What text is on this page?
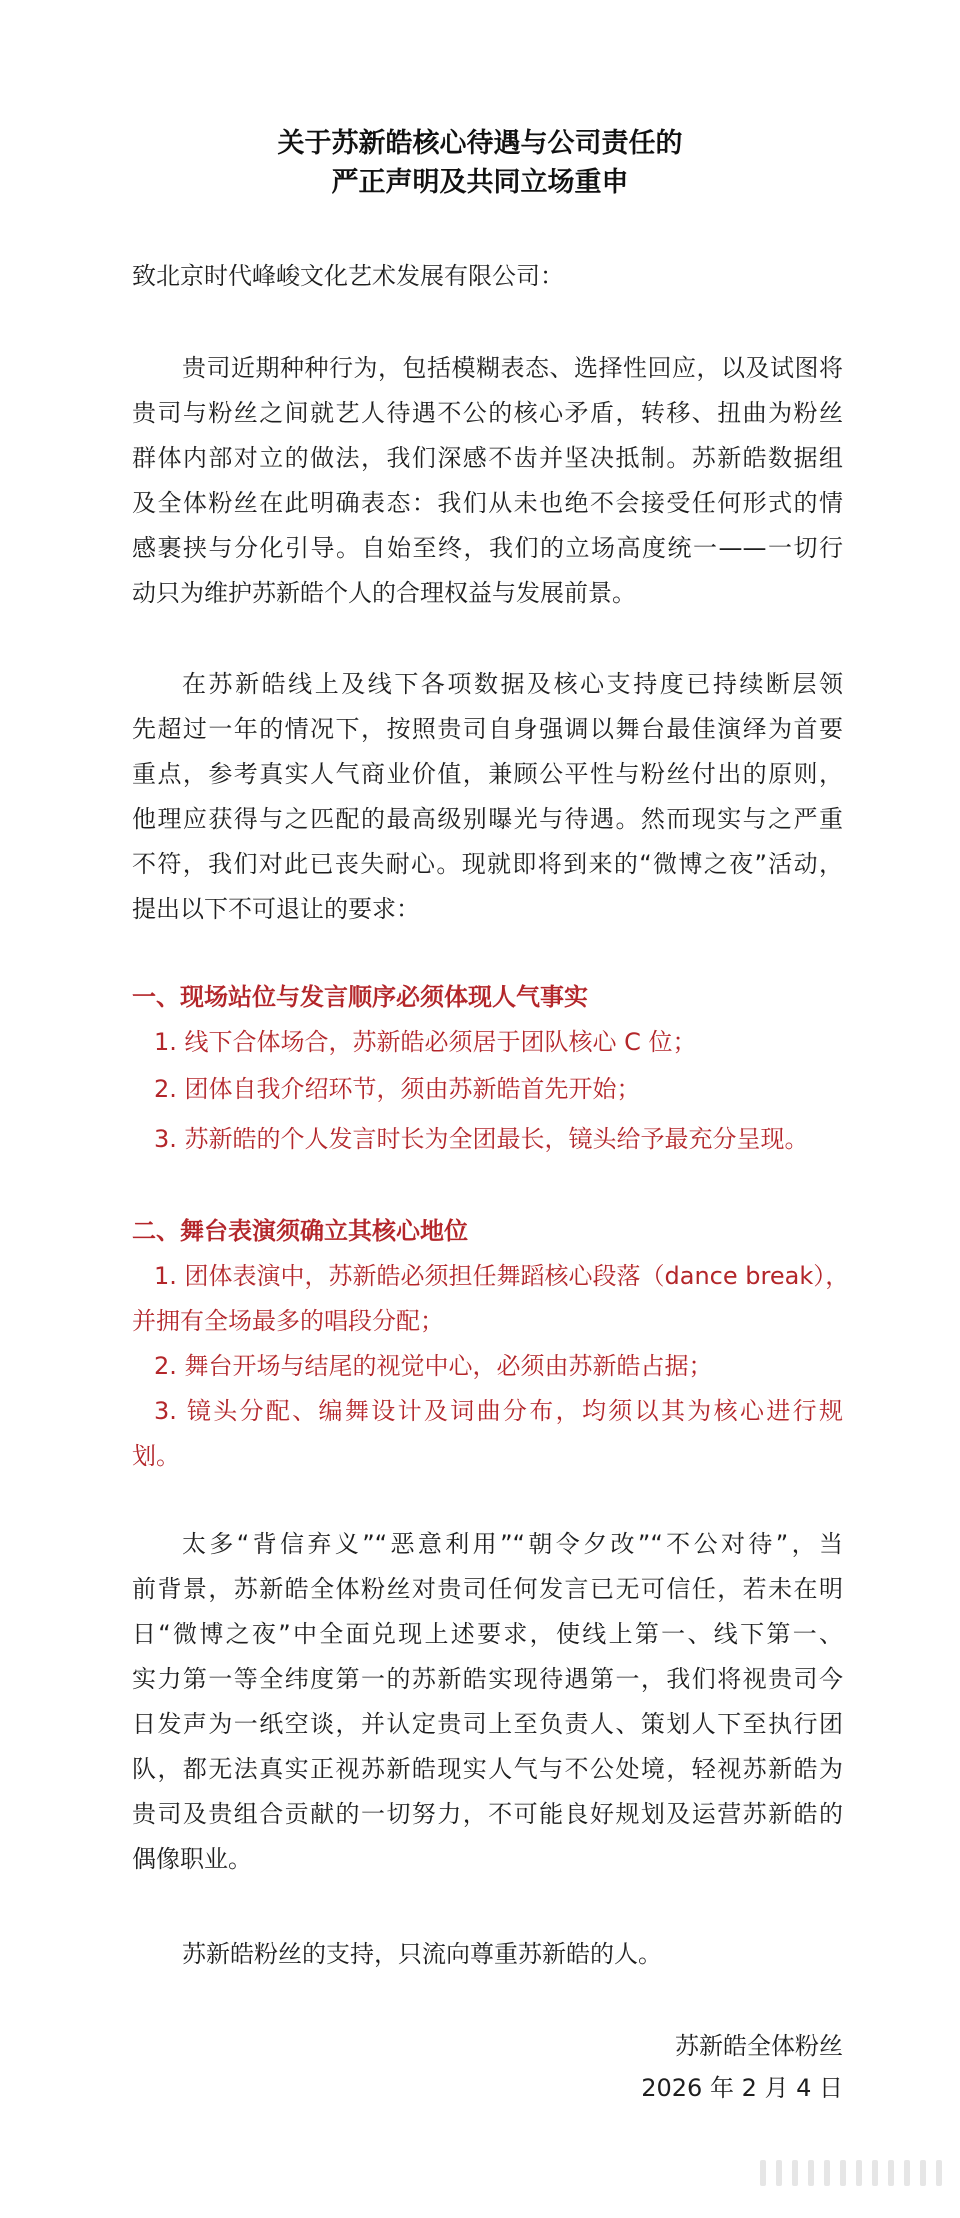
关于苏新皓核心待遇与公司责任的
严正声明及共同立场重申
致北京时代峰峻文化艺术发展有限公司：
贵司近期种种行为，包括模糊表态、选择性回应，以及试图将
贵司与粉丝之间就艺人待遇不公的核心矛盾，转移、扭曲为粉丝
群体内部对立的做法，我们深感不齿并坚决抵制。苏新皓数据组
及全体粉丝在此明确表态：我们从未也绝不会接受任何形式的情
感裹挟与分化引导。自始至终，我们的立场高度统一——一切行
动只为维护苏新皓个人的合理权益与发展前景。
在苏新皓线上及线下各项数据及核心支持度已持续断层领
先超过一年的情况下，按照贵司自身强调以舞台最佳演绎为首要
重点，参考真实人气商业价值，兼顾公平性与粉丝付出的原则，
他理应获得与之匹配的最高级别曝光与待遇。然而现实与之严重
不符，我们对此已丧失耐心。现就即将到来的“微博之夜”活动，
提出以下不可退让的要求：
一、现场站位与发言顺序必须体现人气事实
1. 线下合体场合，苏新皓必须居于团队核心 C 位；
2. 团体自我介绍环节，须由苏新皓首先开始；
3. 苏新皓的个人发言时长为全团最长，镜头给予最充分呈现。
二、舞台表演须确立其核心地位
1. 团体表演中，苏新皓必须担任舞蹈核心段落（dance break），
并拥有全场最多的唱段分配；
2. 舞台开场与结尾的视觉中心，必须由苏新皓占据；
3. 镜头分配、编舞设计及词曲分布，均须以其为核心进行规
划。
太多“背信弃义”“恶意利用”“朝令夕改”“不公对待”，当
前背景，苏新皓全体粉丝对贵司任何发言已无可信任，若未在明
日“微博之夜”中全面兑现上述要求，使线上第一、线下第一、
实力第一等全纬度第一的苏新皓实现待遇第一，我们将视贵司今
日发声为一纸空谈，并认定贵司上至负责人、策划人下至执行团
队，都无法真实正视苏新皓现实人气与不公处境，轻视苏新皓为
贵司及贵组合贡献的一切努力，不可能良好规划及运营苏新皓的
偶像职业。
苏新皓粉丝的支持，只流向尊重苏新皓的人。
苏新皓全体粉丝
2026 年 2 月 4 日
